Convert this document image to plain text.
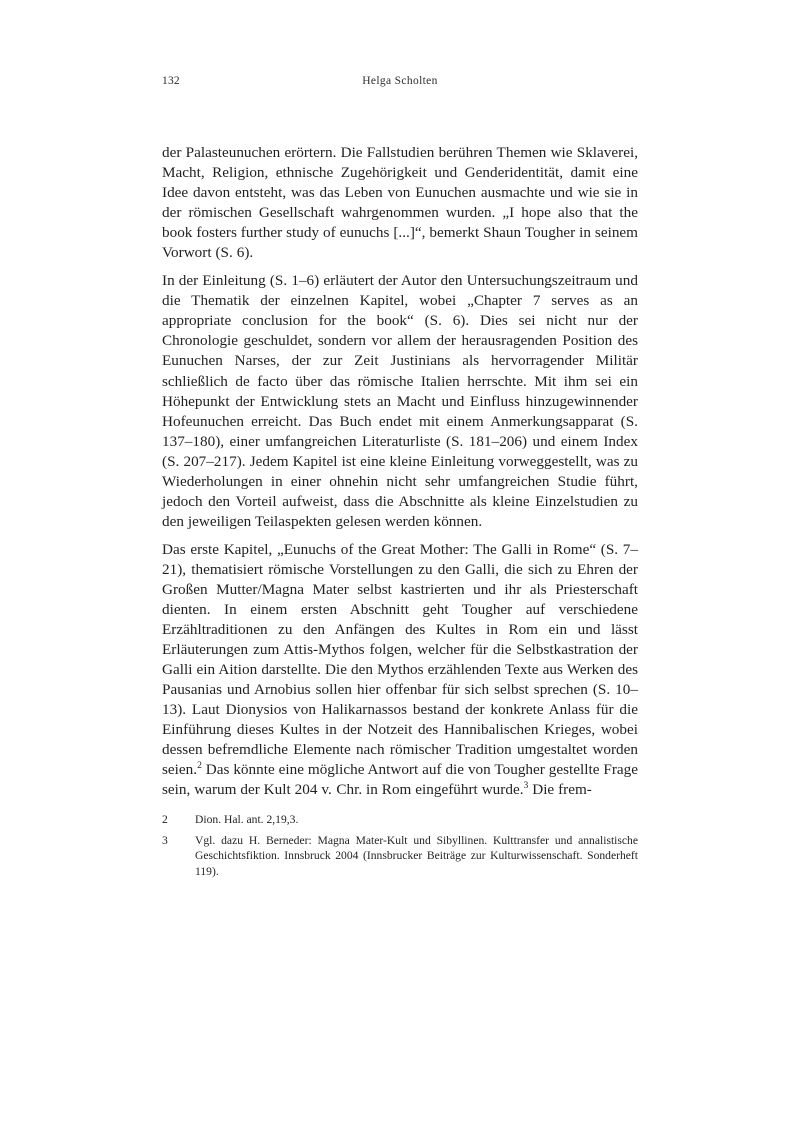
132	Helga Scholten

der Palasteunuchen erörtern. Die Fallstudien berühren Themen wie Sklaverei, Macht, Religion, ethnische Zugehörigkeit und Genderidentität, damit eine Idee davon entsteht, was das Leben von Eunuchen ausmachte und wie sie in der römischen Gesellschaft wahrgenommen wurden. „I hope also that the book fosters further study of eunuchs [...]“, bemerkt Shaun Tougher in seinem Vorwort (S. 6).

In der Einleitung (S. 1–6) erläutert der Autor den Untersuchungszeitraum und die Thematik der einzelnen Kapitel, wobei „Chapter 7 serves as an appropriate conclusion for the book“ (S. 6). Dies sei nicht nur der Chronologie geschuldet, sondern vor allem der herausragenden Position des Eunuchen Narses, der zur Zeit Justinians als hervorragender Militär schließlich de facto über das römische Italien herrschte. Mit ihm sei ein Höhepunkt der Entwicklung stets an Macht und Einfluss hinzugewinnender Hofeunuchen erreicht. Das Buch endet mit einem Anmerkungsapparat (S. 137–180), einer umfangreichen Literaturliste (S. 181–206) und einem Index (S. 207–217). Jedem Kapitel ist eine kleine Einleitung vorweggestellt, was zu Wiederholungen in einer ohnehin nicht sehr umfangreichen Studie führt, jedoch den Vorteil aufweist, dass die Abschnitte als kleine Einzelstudien zu den jeweiligen Teilaspekten gelesen werden können.

Das erste Kapitel, „Eunuchs of the Great Mother: The Galli in Rome“ (S. 7–21), thematisiert römische Vorstellungen zu den Galli, die sich zu Ehren der Großen Mutter/Magna Mater selbst kastrierten und ihr als Priesterschaft dienten. In einem ersten Abschnitt geht Tougher auf verschiedene Erzähltraditionen zu den Anfängen des Kultes in Rom ein und lässt Erläuterungen zum Attis-Mythos folgen, welcher für die Selbstkastration der Galli ein Aition darstellte. Die den Mythos erzählenden Texte aus Werken des Pausanias und Arnobius sollen hier offenbar für sich selbst sprechen (S. 10–13). Laut Dionysios von Halikarnassos bestand der konkrete Anlass für die Einführung dieses Kultes in der Notzeit des Hannibalischen Krieges, wobei dessen befremdliche Elemente nach römischer Tradition umgestaltet worden seien.$^2$ Das könnte eine mögliche Antwort auf die von Tougher gestellte Frage sein, warum der Kult 204 v. Chr. in Rom eingeführt wurde.$^3$ Die frem-

2	Dion. Hal. ant. 2,19,3.
3	Vgl. dazu H. Berneder: Magna Mater-Kult und Sibyllinen. Kulttransfer und annalistische Geschichtsfiktion. Innsbruck 2004 (Innsbrucker Beiträge zur Kulturwissenschaft. Sonderheft 119).
